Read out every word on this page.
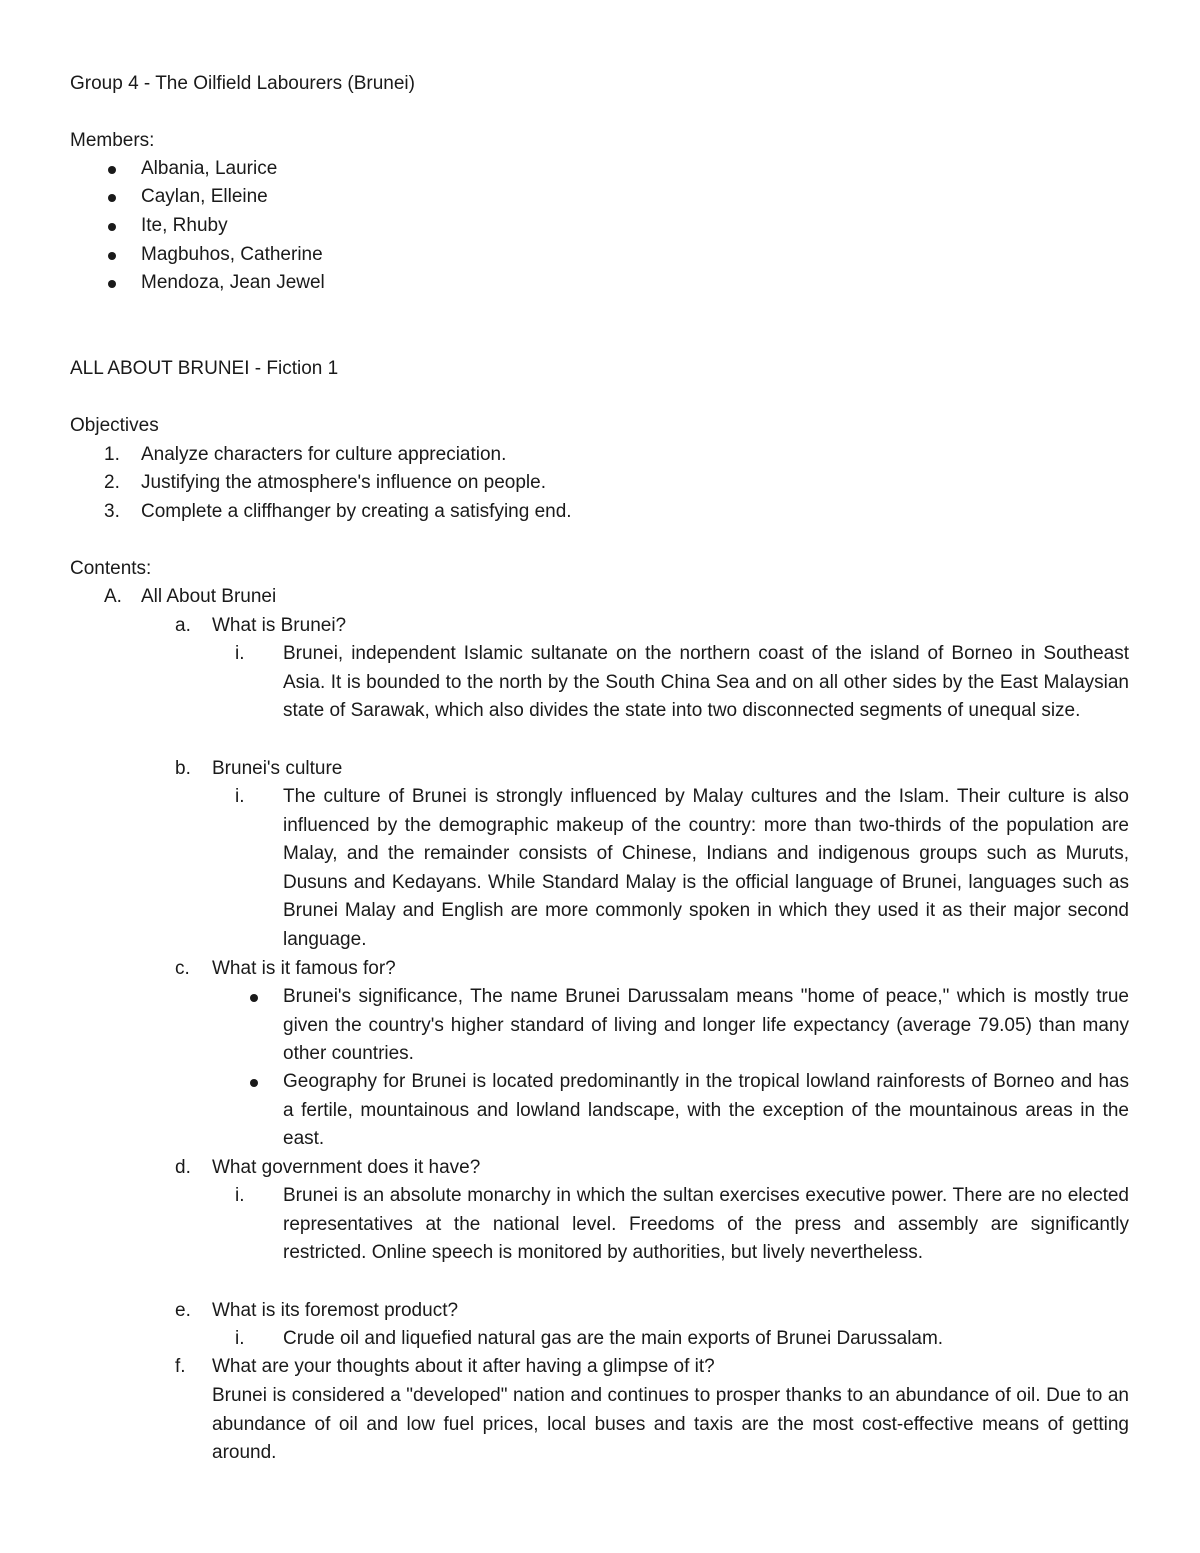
Group 4 - The Oilfield Labourers (Brunei)
Members:
Albania, Laurice
Caylan, Elleine
Ite, Rhuby
Magbuhos, Catherine
Mendoza, Jean Jewel
ALL ABOUT BRUNEI - Fiction 1
Objectives
1. Analyze characters for culture appreciation.
2. Justifying the atmosphere's influence on people.
3. Complete a cliffhanger by creating a satisfying end.
Contents:
A. All About Brunei
a. What is Brunei?
i. Brunei, independent Islamic sultanate on the northern coast of the island of Borneo in Southeast Asia. It is bounded to the north by the South China Sea and on all other sides by the East Malaysian state of Sarawak, which also divides the state into two disconnected segments of unequal size.
b. Brunei's culture
i. The culture of Brunei is strongly influenced by Malay cultures and the Islam. Their culture is also influenced by the demographic makeup of the country: more than two-thirds of the population are Malay, and the remainder consists of Chinese, Indians and indigenous groups such as Muruts, Dusuns and Kedayans. While Standard Malay is the official language of Brunei, languages such as Brunei Malay and English are more commonly spoken in which they used it as their major second language.
c. What is it famous for?
Brunei's significance, The name Brunei Darussalam means "home of peace," which is mostly true given the country's higher standard of living and longer life expectancy (average 79.05) than many other countries.
Geography for Brunei is located predominantly in the tropical lowland rainforests of Borneo and has a fertile, mountainous and lowland landscape, with the exception of the mountainous areas in the east.
d. What government does it have?
i. Brunei is an absolute monarchy in which the sultan exercises executive power. There are no elected representatives at the national level. Freedoms of the press and assembly are significantly restricted. Online speech is monitored by authorities, but lively nevertheless.
e. What is its foremost product?
i. Crude oil and liquefied natural gas are the main exports of Brunei Darussalam.
f. What are your thoughts about it after having a glimpse of it?
Brunei is considered a "developed" nation and continues to prosper thanks to an abundance of oil. Due to an abundance of oil and low fuel prices, local buses and taxis are the most cost-effective means of getting around.
